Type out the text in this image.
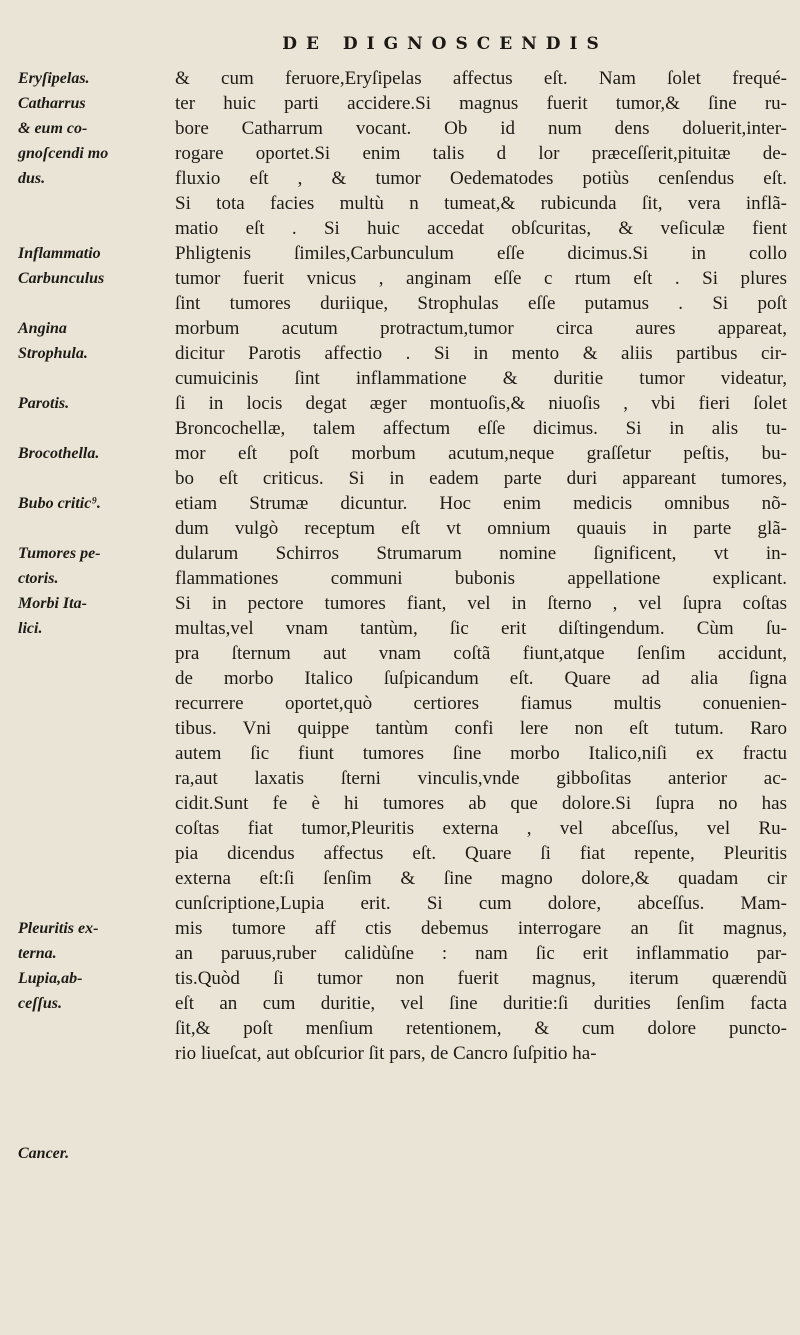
DE DIGNOSCENDIS
Eryſipelas.
Catharrus
& eum co-
gnoſcendi mo
dus.
Inflammatio
Carbunculus
Angina
Strophula.
Parotis.
Brocothella.
Bubo critic⁹.
Tumores pe-
ctoris.
Morbi Ita-
lici.
Pleuritis ex-
terna.
Lupia,ab-
ceſſus.
Cancer.
& cum feruore,Eryſipelas affectus eſt. Nam ſolet frequé-
ter huic parti accidere.Si magnus fuerit tumor,& ſine ru-
bore Catharrum vocant. Ob id num dens doluerit,inter-
rogare oportet.Si enim talis d lor præceſſerit,pituitæ de-
fluxio eſt , & tumor Oedematodes potiùs cenſendus eſt.
Si tota facies multù n tumeat,& rubicunda ſit, vera inflã-
matio eſt . Si huic accedat obſcuritas, & veſiculæ fient
Phligtenis ſimiles,Carbunculum eſſe dicimus.Si in collo
tumor fuerit vnicus , anginam eſſe c rtum eſt . Si plures
ſint tumores duriique, Strophulas eſſe putamus . Si poſt
morbum acutum protractum,tumor circa aures appareat,
dicitur Parotis affectio . Si in mento & aliis partibus cir-
cumuicinis ſint inflammatione & duritie tumor videatur,
ſi in locis degat æger montuoſis,& niuoſis , vbi fieri ſolet
Broncochellæ, talem affectum eſſe dicimus. Si in alis tu-
mor eſt poſt morbum acutum,neque graſſetur peſtis, bu-
bo eſt criticus. Si in eadem parte duri appareant tumores,
etiam Strumæ dicuntur. Hoc enim medicis omnibus nõ-
dum vulgò receptum eſt vt omnium quauis in parte glã-
dularum Schirros Strumarum nomine ſignificent, vt in-
flammationes communi bubonis appellatione explicant.
Si in pectore tumores fiant, vel in ſterno , vel ſupra coſtas
multas,vel vnam tantùm, ſic erit diſtingendum. Cùm ſu-
pra ſternum aut vnam coſtã fiunt,atque ſenſim accidunt,
de morbo Italico ſuſpicandum eſt. Quare ad alia ſigna
recurrere oportet,quò certiores fiamus multis conuenien-
tibus. Vni quippe tantùm confi lere non eſt tutum. Raro
autem ſic fiunt tumores ſine morbo Italico,niſi ex fractu
ra,aut laxatis ſterni vinculis,vnde gibboſitas anterior ac-
cidit.Sunt fe è hi tumores ab que dolore.Si ſupra no has
coſtas fiat tumor,Pleuritis externa , vel abceſſus, vel Ru-
pia dicendus affectus eſt. Quare ſi fiat repente, Pleuritis
externa eſt:ſi ſenſim & ſine magno dolore,& quadam cir
cunſcriptione,Lupia erit. Si cum dolore, abceſſus. Mam-
mis tumore aff ctis debemus interrogare an ſit magnus,
an paruus,ruber calidùſne : nam ſic erit inflammatio par-
tis.Quòd ſi tumor non fuerit magnus, iterum quærendũ
eſt an cum duritie, vel ſine duritie:ſi durities ſenſim facta
ſit,& poſt menſium retentionem, & cum dolore puncto-
rio liueſcat, aut obſcurior ſit pars, de Cancro ſuſpitio ha-
